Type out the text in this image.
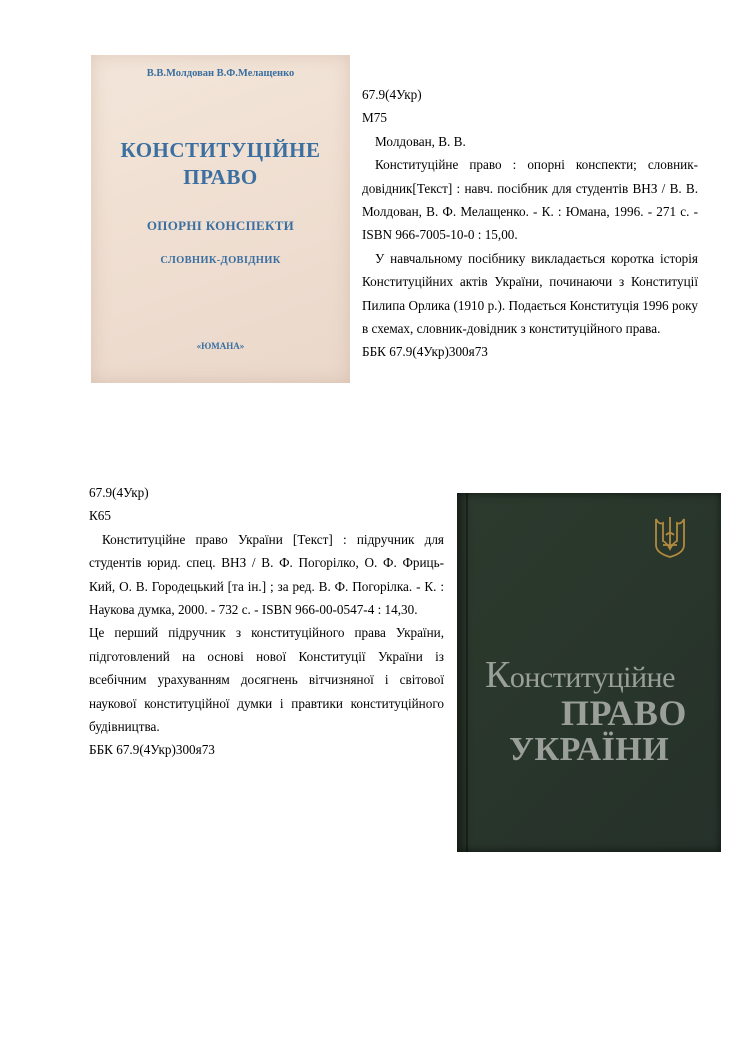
В.В.Молдован В.Ф.Мелащенко
КОНСТИТУЦІЙНЕ
ПРАВО
ОПОРНІ КОНСПЕКТИ
СЛОВНИК-ДОВІДНИК
«ЮМАНА»

67.9(4Укр)

М75

Молдован, В. В.

Конституційне право : опорні конспекти; словник-довідник[Текст] : навч. посібник для студентів ВНЗ / В. В. Молдован, В. Ф. Мелащенко. - К. : Юмана, 1996. - 271 с. - ISBN 966-7005-10-0 : 15,00.

У навчальному посібнику викладається коротка історія Конституційних актів України, починаючи з Конституції Пилипа Орлика (1910 р.). Подається Конституція 1996 року в схемах, словник-довідник з конституційного права.

ББК 67.9(4Укр)300я73

67.9(4Укр)

К65

Конституційне право України [Текст] : підручник для студентів юрид. спец. ВНЗ / В. Ф. Погорілко, О. Ф. Фриць-Кий, О. В. Городецький [та ін.] ; за ред. В. Ф. Погорілка. - К. : Наукова думка, 2000. - 732 с. - ISBN 966-00-0547-4 : 14,30.

Це перший підручник з конституційного права України, підготовлений на основі нової Конституції України із всебічним урахуванням досягнень вітчизняної і світової наукової конституційної думки і правтики конституційного будівництва.

ББК 67.9(4Укр)300я73

Конституційне
ПРАВО
УКРАЇНИ
